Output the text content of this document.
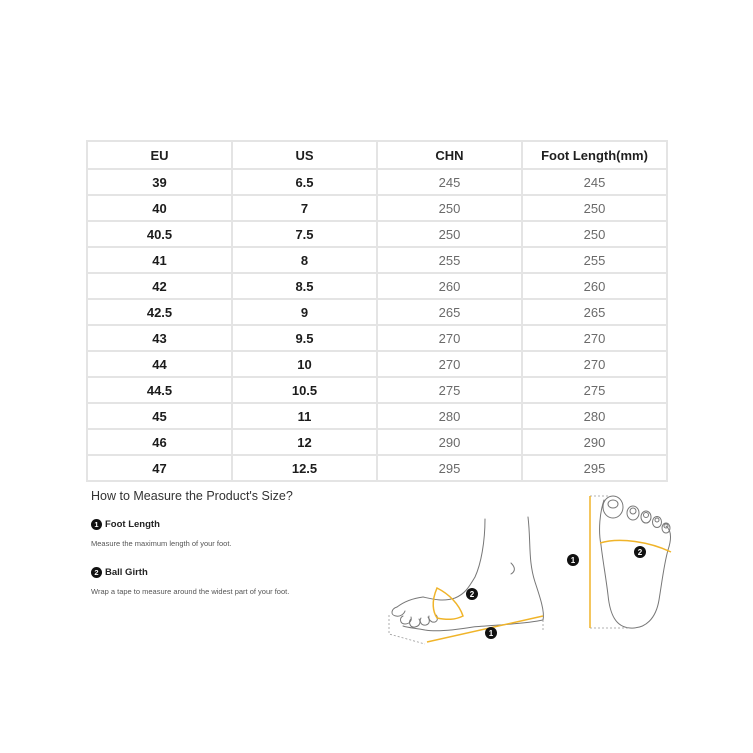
EU	US	CHN	Foot Length(mm)
39	6.5	245	245
40	7	250	250
40.5	7.5	250	250
41	8	255	255
42	8.5	260	260
42.5	9	265	265
43	9.5	270	270
44	10	270	270
44.5	10.5	275	275
45	11	280	280
46	12	290	290
47	12.5	295	295
How to Measure the Product's Size?
1 Foot Length
Measure the maximum length of your foot.
2 Ball Girth
Wrap a tape to measure around the widest part of your foot.	2
1
2
1
